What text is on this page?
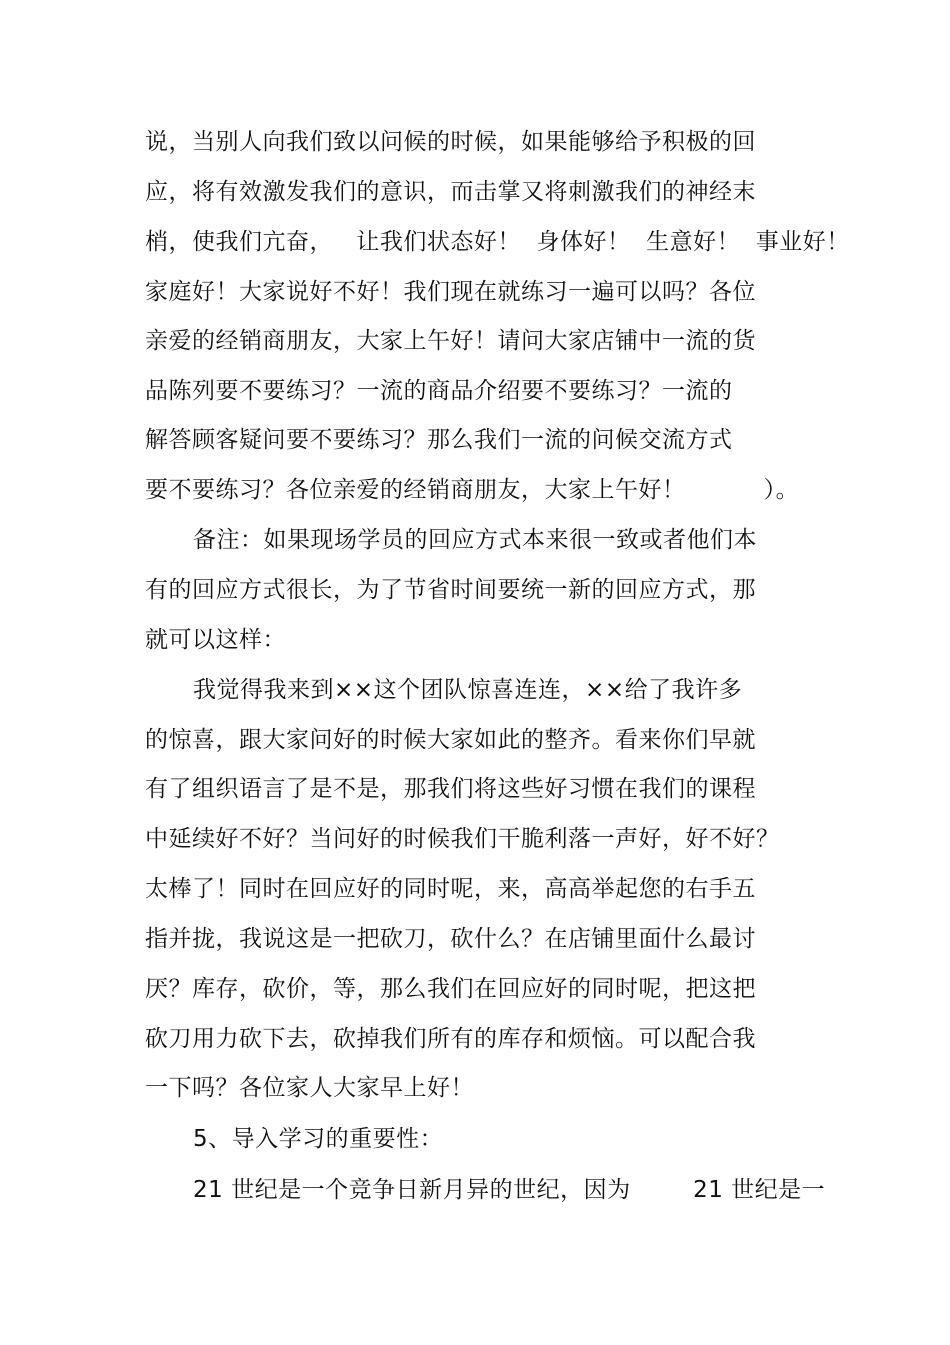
说，当别人向我们致以问候的时候，如果能够给予积极的回
应，将有效激发我们的意识，而击掌又将刺激我们的神经末
梢，使我们亢奋，   让我们状态好！  身体好！  生意好！  事业好！
家庭好！大家说好不好！我们现在就练习一遍可以吗？各位
亲爱的经销商朋友，大家上午好！请问大家店铺中一流的货
品陈列要不要练习？一流的商品介绍要不要练习？一流的
解答顾客疑问要不要练习？那么我们一流的问候交流方式
要不要练习？各位亲爱的经销商朋友，大家上午好！          ）。
备注：如果现场学员的回应方式本来很一致或者他们本
有的回应方式很长，为了节省时间要统一新的回应方式，那
就可以这样：
我觉得我来到××这个团队惊喜连连，××给了我许多
的惊喜，跟大家问好的时候大家如此的整齐。看来你们早就
有了组织语言了是不是，那我们将这些好习惯在我们的课程
中延续好不好？当问好的时候我们干脆利落一声好，好不好？
太棒了！同时在回应好的同时呢，来，高高举起您的右手五
指并拢，我说这是一把砍刀，砍什么？在店铺里面什么最讨
厌？库存，砍价，等，那么我们在回应好的同时呢，把这把
砍刀用力砍下去，砍掉我们所有的库存和烦恼。可以配合我
一下吗？各位家人大家早上好！
5、导入学习的重要性：
21 世纪是一个竞争日新月异的世纪，因为        21 世纪是一
